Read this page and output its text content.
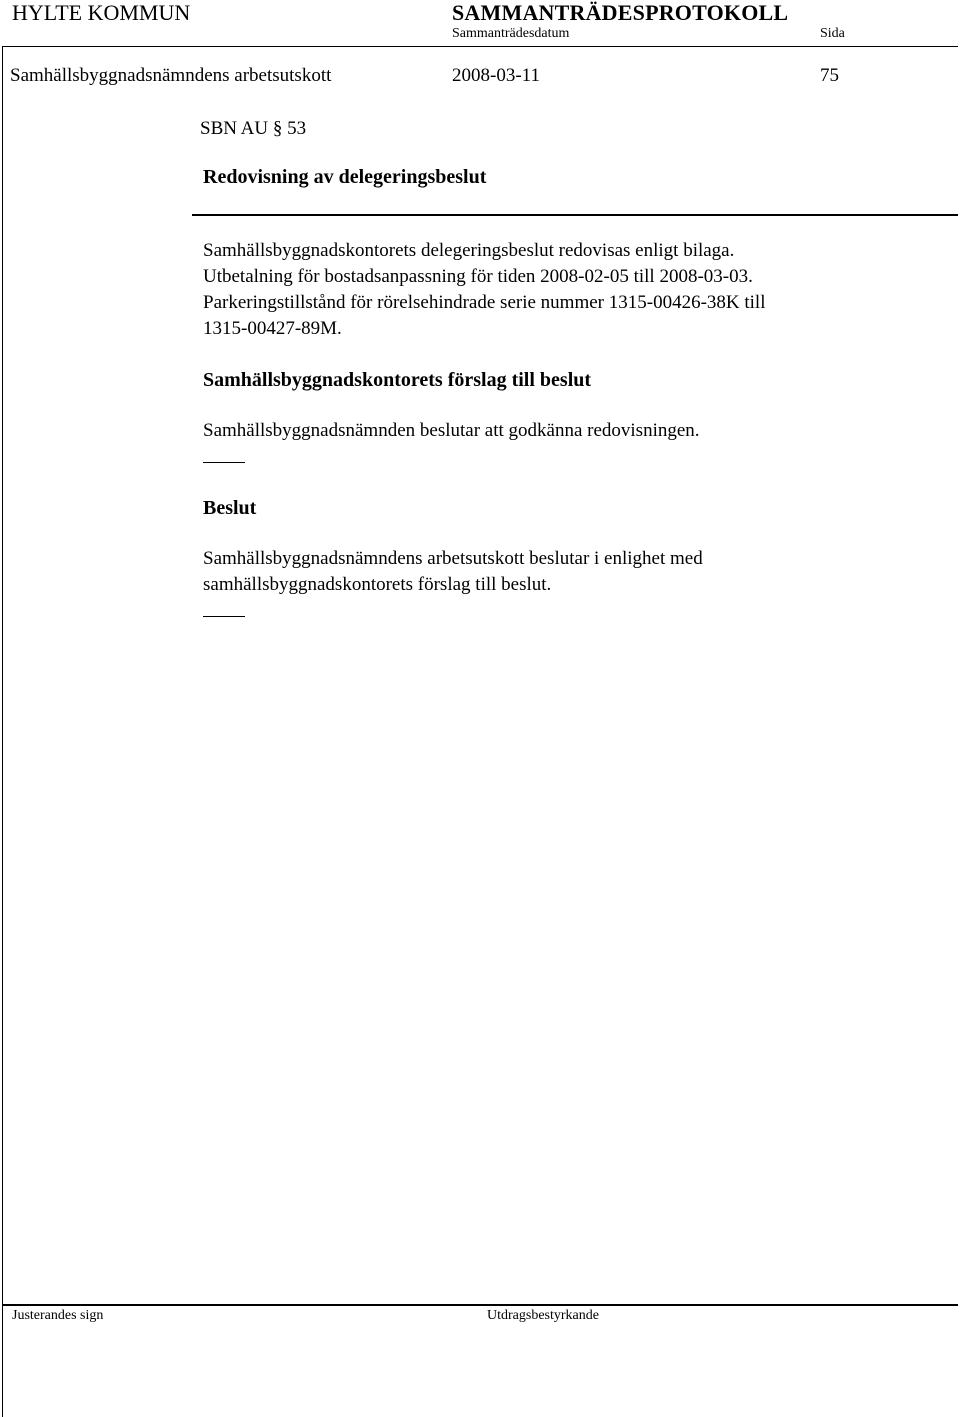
HYLTE KOMMUN	SAMMANTRÄDESPROTOKOLL
Sammanträdesdatum	Sida
Samhällsbyggnadsnämndens arbetsutskott	2008-03-11	75
SBN AU § 53
Redovisning av delegeringsbeslut
Samhällsbyggnadskontorets delegeringsbeslut redovisas enligt bilaga.
Utbetalning för bostadsanpassning för tiden 2008-02-05 till 2008-03-03.
Parkeringstillstånd för rörelsehindrade serie nummer 1315-00426-38K till
1315-00427-89M.
Samhällsbyggnadskontorets förslag till beslut
Samhällsbyggnadsnämnden beslutar att godkänna redovisningen.
Beslut
Samhällsbyggnadsnämndens arbetsutskott beslutar i enlighet med
samhällsbyggnadskontorets förslag till beslut.
Justerandes sign	Utdragsbestyrkande
